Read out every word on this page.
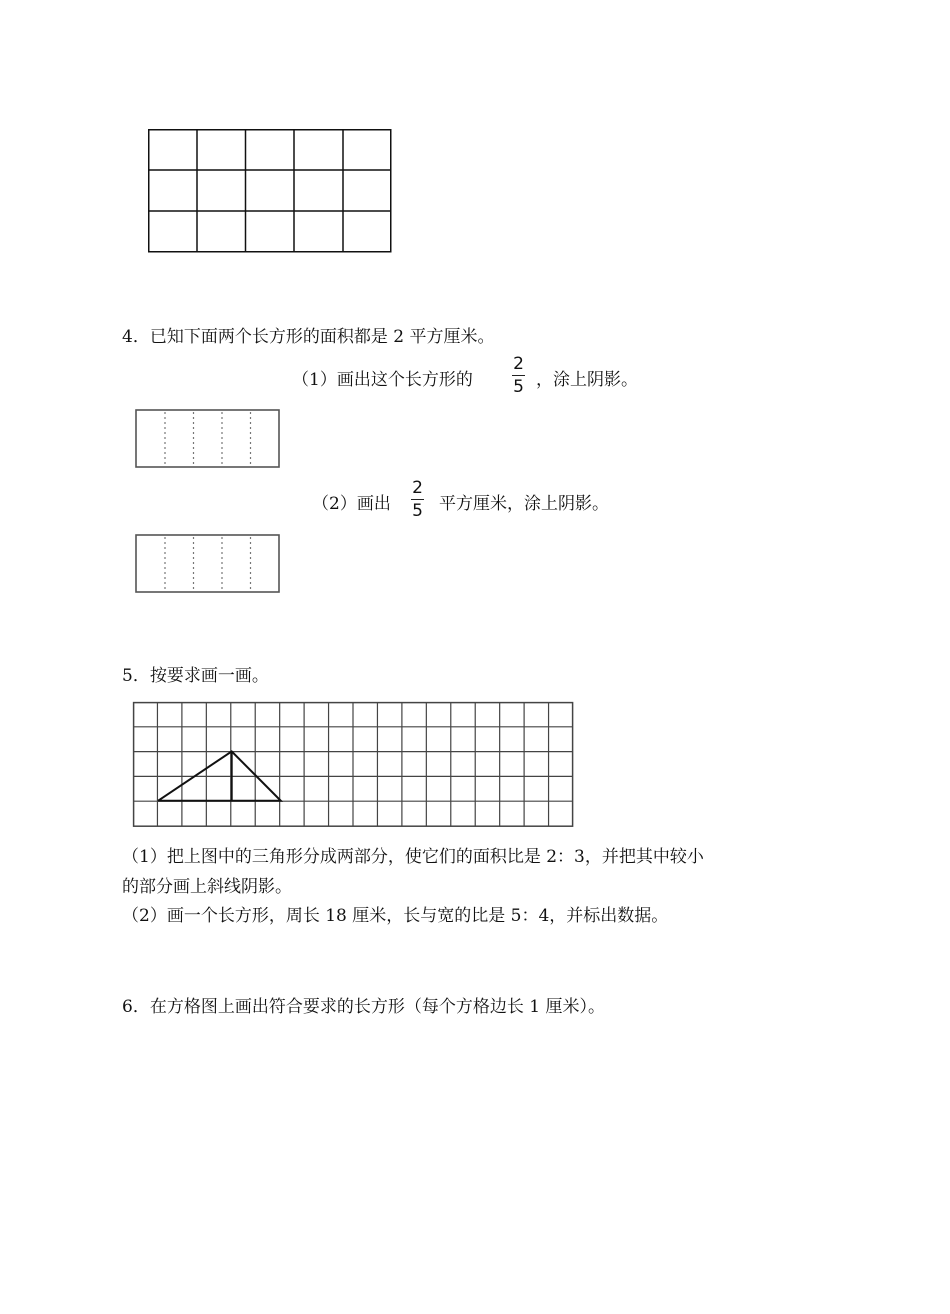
4．已知下面两个长方形的面积都是 2 平方厘米。
（1）画出这个长方形的
2
5 ，涂上阴影。
（2）画出
2
5 平方厘米，涂上阴影。
5．按要求画一画。
（1）把上图中的三角形分成两部分，使它们的面积比是 2：3，并把其中较小
的部分画上斜线阴影。
（2）画一个长方形，周长 18 厘米，长与宽的比是 5：4，并标出数据。
6．在方格图上画出符合要求的长方形（每个方格边长 1 厘米）。
